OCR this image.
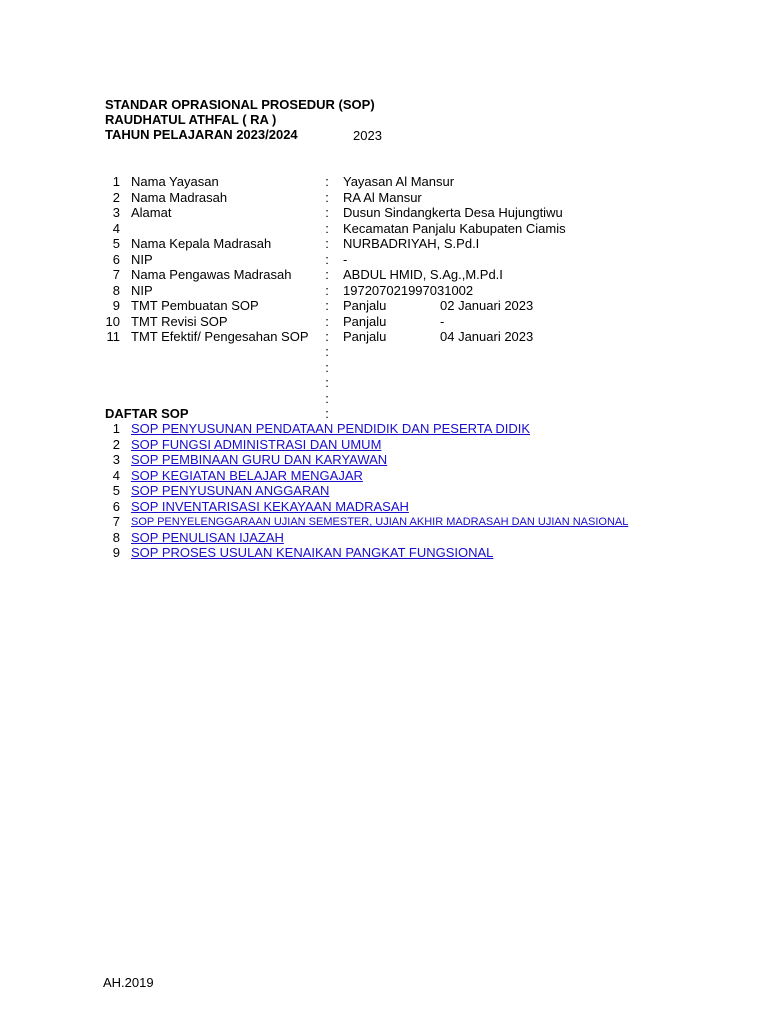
STANDAR OPRASIONAL PROSEDUR (SOP)
RAUDHATUL ATHFAL ( RA )
TAHUN PELAJARAN 2023/2024	2023
1 Nama Yayasan	: Yayasan Al Mansur
2 Nama Madrasah	: RA Al Mansur
3 Alamat	: Dusun Sindangkerta Desa Hujungtiwu
4	: Kecamatan Panjalu Kabupaten Ciamis
5 Nama Kepala Madrasah	: NURBADRIYAH, S.Pd.I
6 NIP	: -
7 Nama Pengawas Madrasah	: ABDUL HMID, S.Ag.,M.Pd.I
8 NIP	: 197207021997031002
9 TMT Pembuatan SOP	: Panjalu	02 Januari 2023
10 TMT Revisi SOP	: Panjalu	-
11 TMT Efektif/ Pengesahan SOP : Panjalu	04 Januari 2023
:
:
:
:
:
DAFTAR SOP
1 SOP PENYUSUNAN PENDATAAN PENDIDIK DAN PESERTA DIDIK
2 SOP FUNGSI ADMINISTRASI DAN UMUM
3 SOP PEMBINAAN GURU DAN KARYAWAN
4 SOP KEGIATAN BELAJAR MENGAJAR
5 SOP PENYUSUNAN ANGGARAN
6 SOP INVENTARISASI KEKAYAAN MADRASAH
7 SOP PENYELENGGARAAN UJIAN SEMESTER, UJIAN AKHIR MADRASAH DAN UJIAN NASIONAL
8 SOP PENULISAN IJAZAH
9 SOP PROSES USULAN KENAIKAN PANGKAT FUNGSIONAL
AH.2019
